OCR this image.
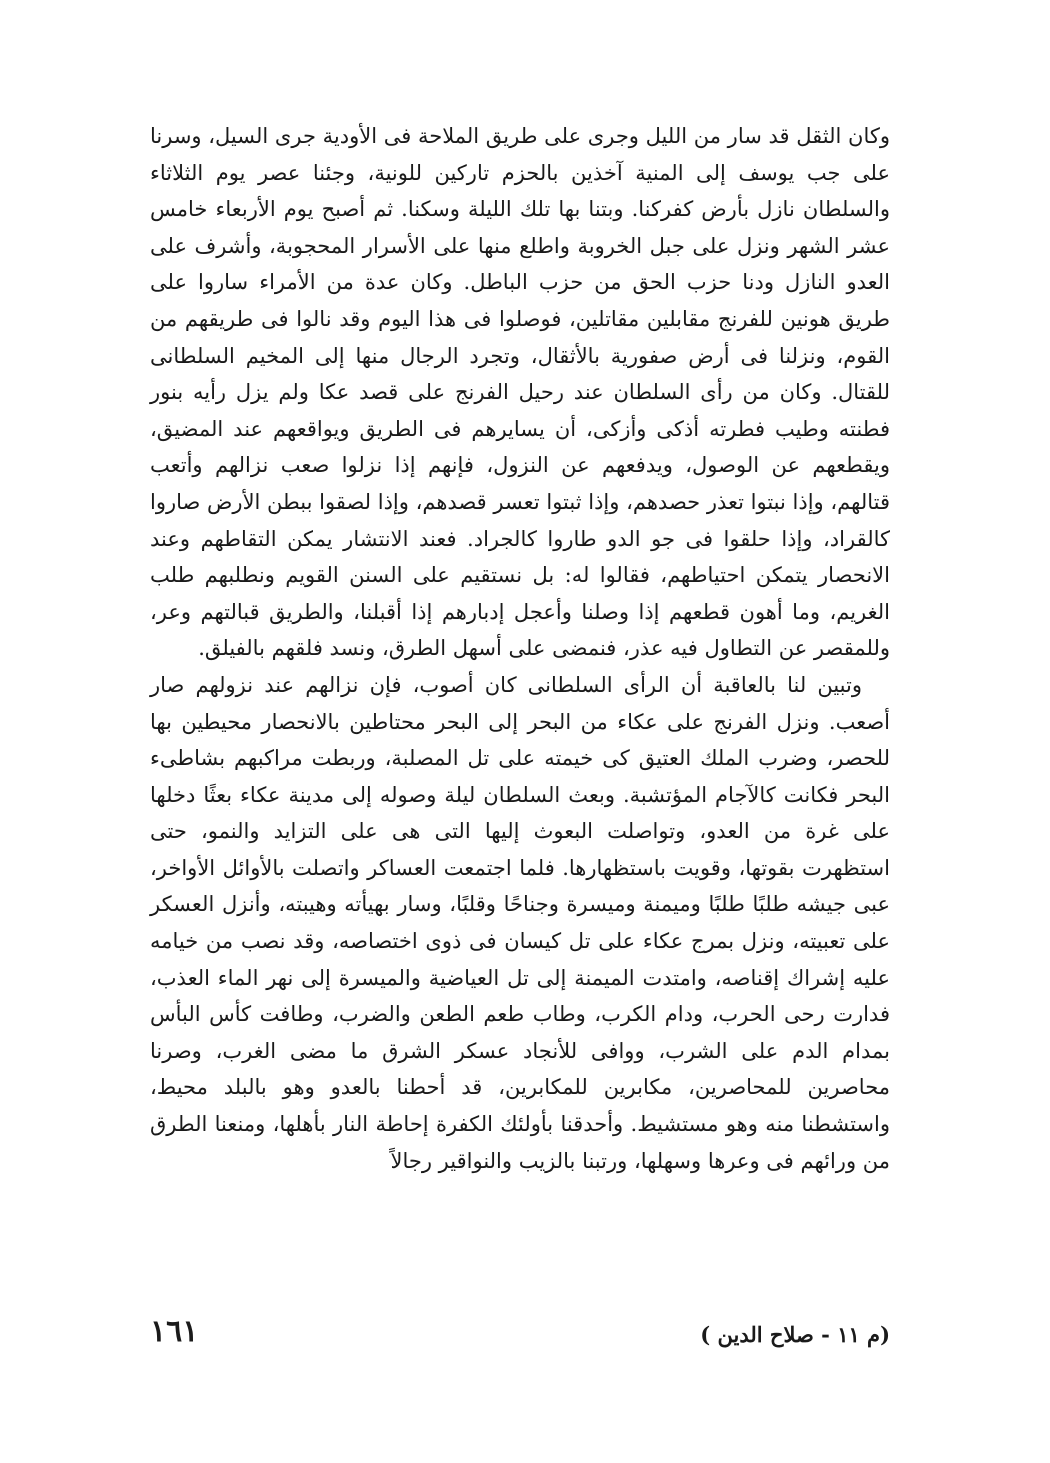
وكان الثقل قد سار من الليل وجرى على طريق الملاحة فى الأودية جرى السيل، وسرنا على جب يوسف إلى المنية آخذين بالحزم تاركين للونية، وجئنا عصر يوم الثلاثاء والسلطان نازل بأرض كفركنا. وبتنا بها تلك الليلة وسكنا. ثم أصبح يوم الأربعاء خامس عشر الشهر ونزل على جبل الخروبة واطلع منها على الأسرار المحجوبة، وأشرف على العدو النازل ودنا حزب الحق من حزب الباطل. وكان عدة من الأمراء ساروا على طريق هونين للفرنج مقابلين مقاتلين، فوصلوا فى هذا اليوم وقد نالوا فى طريقهم من القوم، ونزلنا فى أرض صفورية بالأثقال، وتجرد الرجال منها إلى المخيم السلطانى للقتال. وكان من رأى السلطان عند رحيل الفرنج على قصد عكا ولم يزل رأيه بنور فطنته وطيب فطرته أذكى وأزكى، أن يسايرهم فى الطريق ويواقعهم عند المضيق، ويقطعهم عن الوصول، ويدفعهم عن النزول، فإنهم إذا نزلوا صعب نزالهم وأتعب قتالهم، وإذا نبتوا تعذر حصدهم، وإذا ثبتوا تعسر قصدهم، وإذا لصقوا ببطن الأرض صاروا كالقراد، وإذا حلقوا فى جو الدو طاروا كالجراد. فعند الانتشار يمكن التقاطهم وعند الانحصار يتمكن احتياطهم، فقالوا له: بل نستقيم على السنن القويم ونطلبهم طلب الغريم، وما أهون قطعهم إذا وصلنا وأعجل إدبارهم إذا أقبلنا، والطريق قبالتهم وعر، وللمقصر عن التطاول فيه عذر، فنمضى على أسهل الطرق، ونسد فلقهم بالفيلق.

وتبين لنا بالعاقبة أن الرأى السلطانى كان أصوب، فإن نزالهم عند نزولهم صار أصعب. ونزل الفرنج على عكاء من البحر إلى البحر محتاطين بالانحصار محيطين بها للحصر، وضرب الملك العتيق كى خيمته على تل المصلبة، وربطت مراكبهم بشاطىء البحر فكانت كالآجام المؤتشبة. وبعث السلطان ليلة وصوله إلى مدينة عكاء بعثًا دخلها على غرة من العدو، وتواصلت البعوث إليها التى هى على التزايد والنمو، حتى استظهرت بقوتها، وقويت باستظهارها. فلما اجتمعت العساكر واتصلت بالأوائل الأواخر، عبى جيشه طلبًا طلبًا وميمنة وميسرة وجناحًا وقلبًا، وسار بهيأته وهيبته، وأنزل العسكر على تعبيته، ونزل بمرج عكاء على تل كيسان فى ذوى اختصاصه، وقد نصب من خيامه عليه إشراك إقناصه، وامتدت الميمنة إلى تل العياضية والميسرة إلى نهر الماء العذب، فدارت رحى الحرب، ودام الكرب، وطاب طعم الطعن والضرب، وطافت كأس البأس بمدام الدم على الشرب، ووافى للأنجاد عسكر الشرق ما مضى الغرب، وصرنا محاصرين للمحاصرين، مكابرين للمكابرين، قد أحطنا بالعدو وهو بالبلد محيط، واستشطنا منه وهو مستشيط. وأحدقنا بأولئك الكفرة إحاطة النار بأهلها، ومنعنا الطرق من ورائهم فى وعرها وسهلها، ورتبنا بالزيب والنواقير رجالاً

(م ١١ - صلاح الدين )
١٦١
